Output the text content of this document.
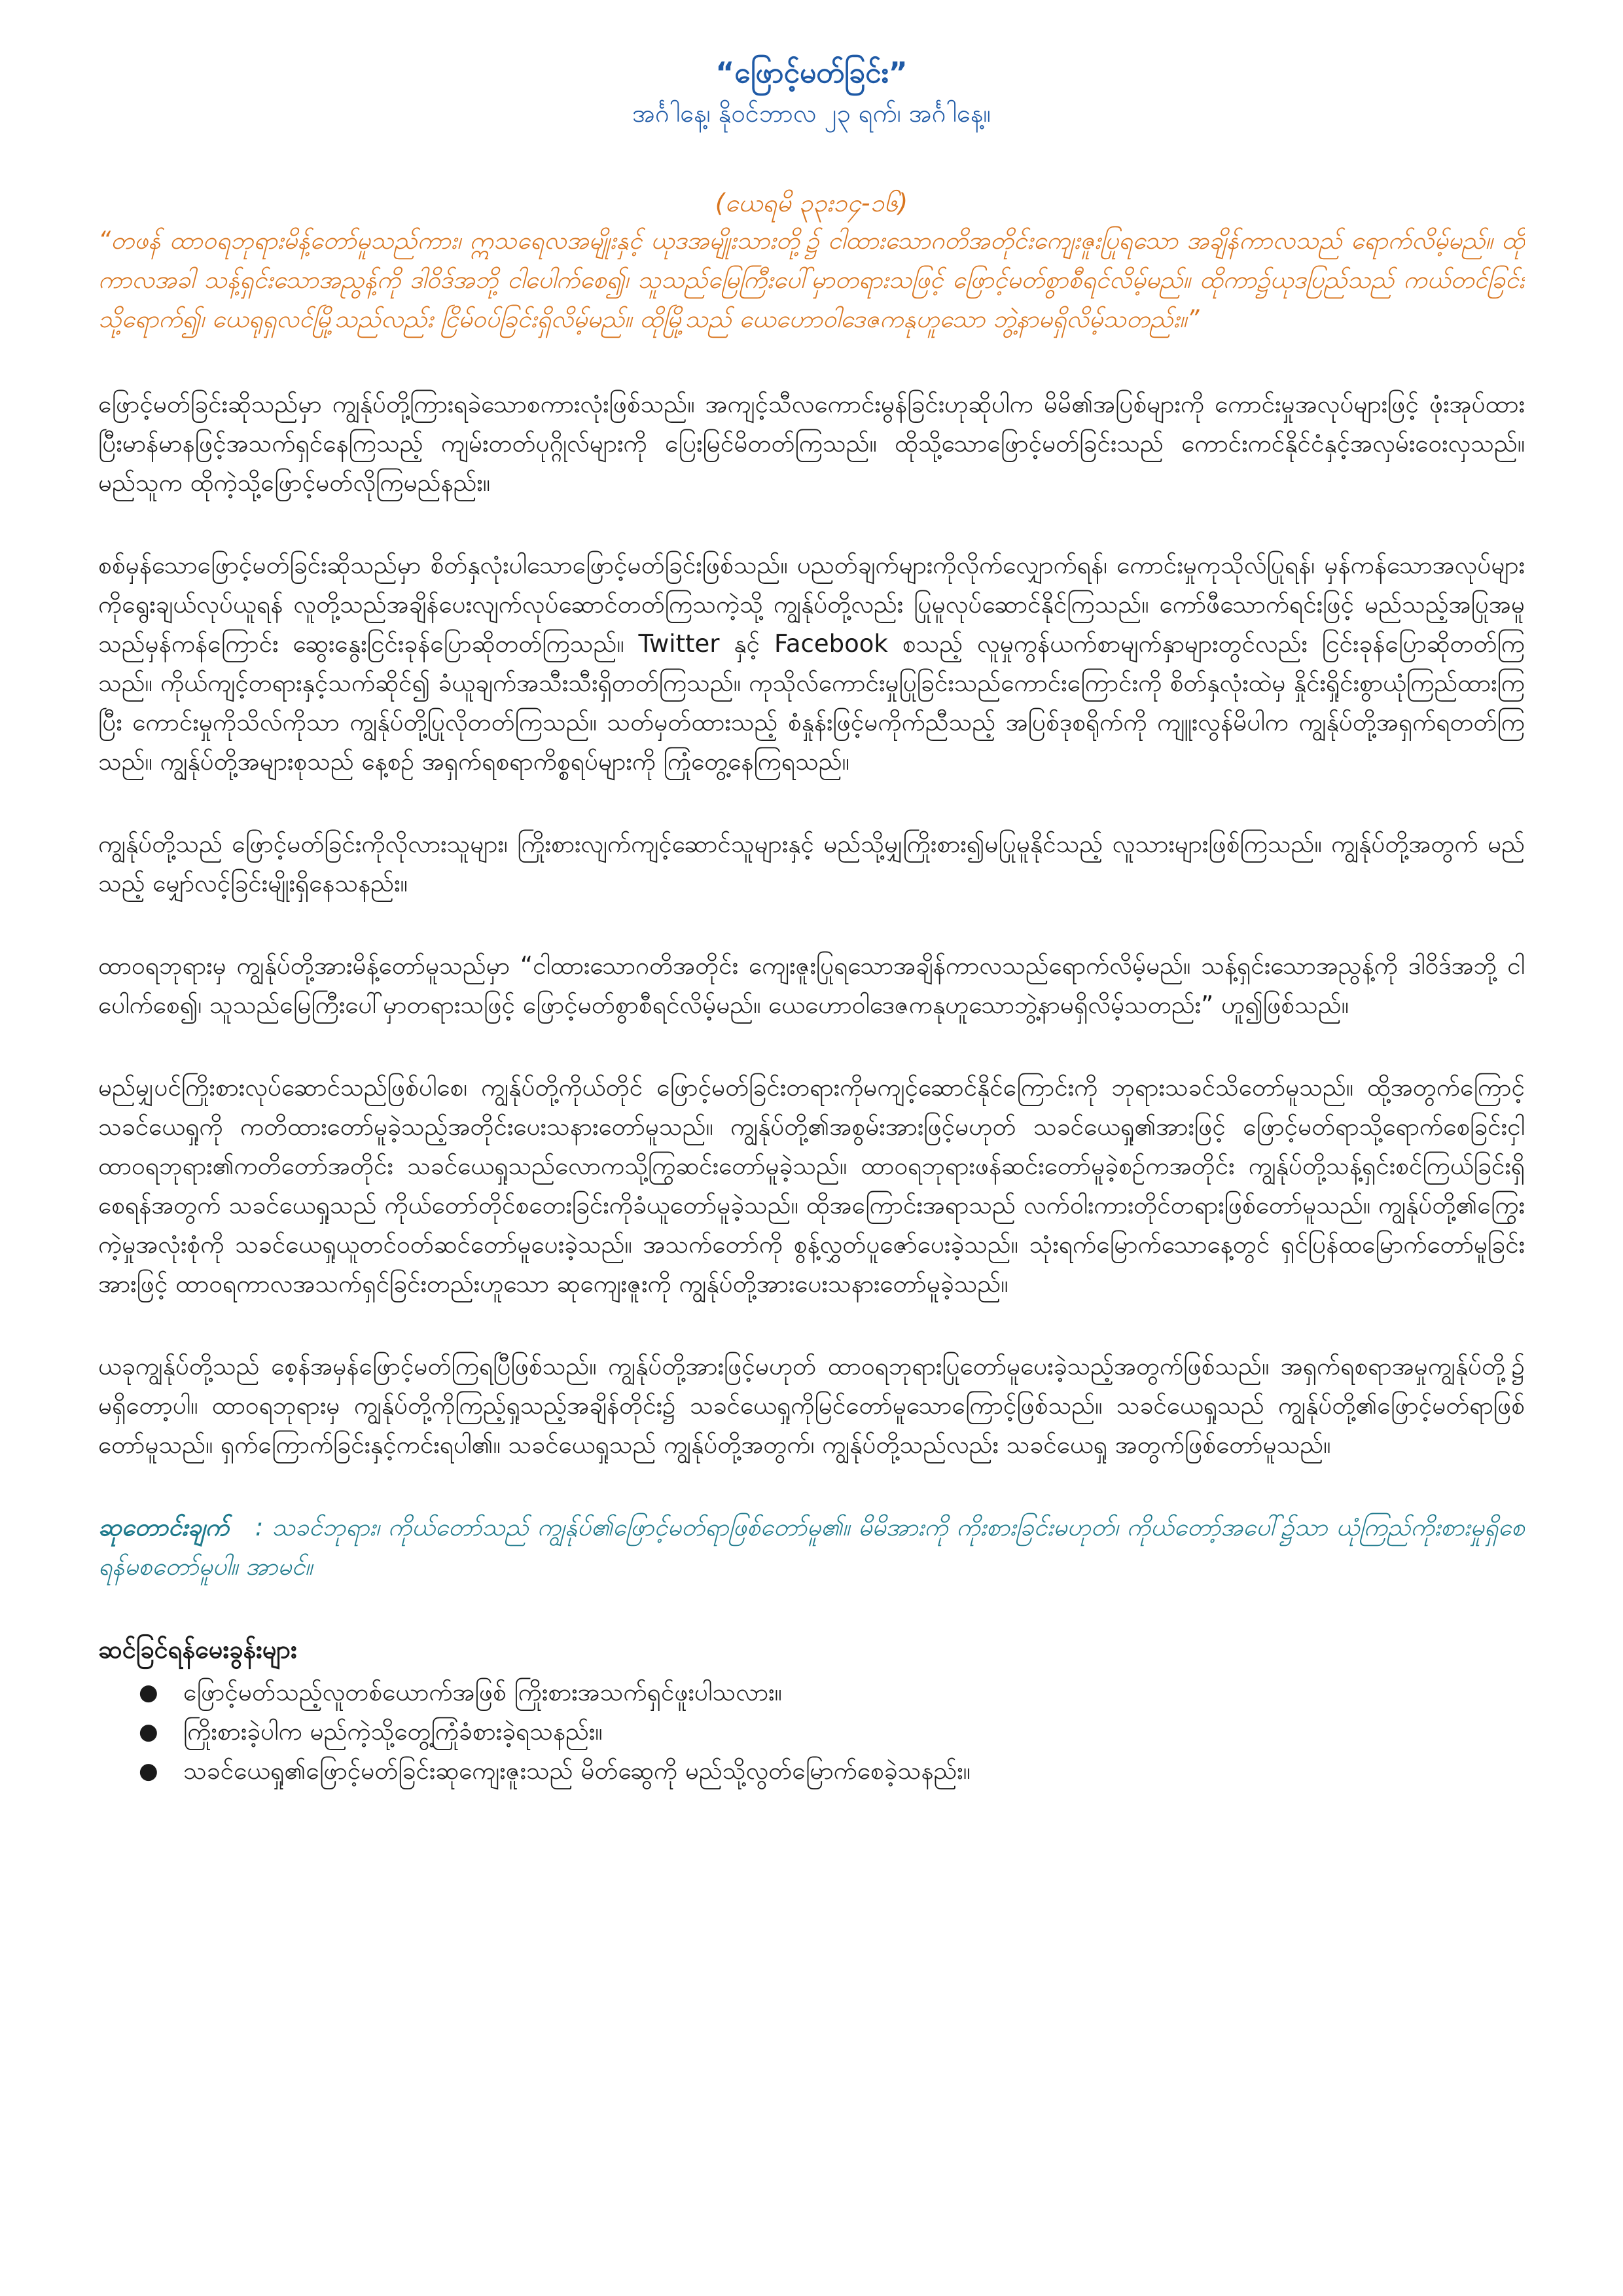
“ဖြောင့်မတ်ခြင်း”

အင်္ဂါနေ့၊ နိုဝင်ဘာလ ၂၃ ရက်၊ အင်္ဂါနေ့။

(ယေရမိ ၃၃း၁၄-၁၆)

“တဖန် ထာဝရဘုရားမိန့်တော်မူသည်ကား၊ ဣသရေလအမျိုးနှင့် ယုဒအမျိုးသားတို့၌ ငါထားသောဂတိအတိုင်းကျေးဇူးပြုရသော အချိန်ကာလသည် ရောက်လိမ့်မည်။ ထိုကာလအခါ သန့်ရှင်းသောအညွန့်ကို ဒါဝိဒ်အဘို့ ငါပေါက်စေ၍၊ သူသည်မြေကြီးပေါ်မှာတရားသဖြင့် ဖြောင့်မတ်စွာစီရင်လိမ့်မည်။ ထိုကာ၌ယုဒပြည်သည် ကယ်တင်ခြင်းသို့ရောက်၍၊ ယေရုရှလင်မြို့သည်လည်း ငြိမ်ဝပ်ခြင်းရှိလိမ့်မည်။ ထိုမြို့သည် ယေဟောဝါဒေဇကနုဟူသော ဘွဲ့နာမရှိလိမ့်သတည်း။”

ဖြောင့်မတ်ခြင်းဆိုသည်မှာ ကျွန်ုပ်တို့ကြားရခဲသောစကားလုံးဖြစ်သည်။ အကျင့်သီလကောင်းမွန်ခြင်းဟုဆိုပါက မိမိ၏အပြစ်များကို ကောင်းမှုအလုပ်များဖြင့် ဖုံးအုပ်ထားပြီးမာန်မာနဖြင့်အသက်ရှင်နေကြသည့် ကျမ်းတတ်ပုဂ္ဂိုလ်များကို ပြေးမြင်မိတတ်ကြသည်။ ထိုသို့သောဖြောင့်မတ်ခြင်းသည် ကောင်းကင်နိုင်ငံနှင့်အလှမ်းဝေးလှသည်။ မည်သူက ထိုကဲ့သို့ဖြောင့်မတ်လိုကြမည်နည်း။

စစ်မှန်သောဖြောင့်မတ်ခြင်းဆိုသည်မှာ စိတ်နှလုံးပါသောဖြောင့်မတ်ခြင်းဖြစ်သည်။ ပညတ်ချက်များကိုလိုက်လျှောက်ရန်၊ ကောင်းမှုကုသိုလ်ပြုရန်၊ မှန်ကန်သောအလုပ်များကိုရွေးချယ်လုပ်ယူရန် လူတို့သည်အချိန်ပေးလျက်လုပ်ဆောင်တတ်ကြသကဲ့သို့ ကျွန်ုပ်တို့လည်း ပြုမူလုပ်ဆောင်နိုင်ကြသည်။ ကော်ဖီသောက်ရင်းဖြင့် မည်သည့်အပြုအမူသည်မှန်ကန်ကြောင်း ဆွေးနွေးငြင်းခုန်ပြောဆိုတတ်ကြသည်။ Twitter နှင့် Facebook စသည့် လူမှုကွန်ယက်စာမျက်နှာများတွင်လည်း ငြင်းခုန်ပြောဆိုတတ်ကြသည်။ ကိုယ်ကျင့်တရားနှင့်သက်ဆိုင်၍ ခံယူချက်အသီးသီးရှိတတ်ကြသည်။ ကုသိုလ်ကောင်းမှုပြုခြင်းသည်ကောင်းကြောင်းကို စိတ်နှလုံးထဲမှ နှိုင်းရှိုင်းစွာယုံကြည်ထားကြပြီး ကောင်းမှုကိုသိလ်ကိုသာ ကျွန်ုပ်တို့ပြုလိုတတ်ကြသည်။ သတ်မှတ်ထားသည့် စံနှုန်းဖြင့်မကိုက်ညီသည့် အပြစ်ဒုစရိုက်ကို ကျူးလွန်မိပါက ကျွန်ုပ်တို့အရှက်ရတတ်ကြသည်။ ကျွန်ုပ်တို့အများစုသည် နေ့စဉ် အရှက်ရစရာကိစ္စရပ်များကို ကြုံတွေ့နေကြရသည်။

ကျွန်ုပ်တို့သည် ဖြောင့်မတ်ခြင်းကိုလိုလားသူများ၊ ကြိုးစားလျက်ကျင့်ဆောင်သူများနှင့် မည်သို့မျှကြိုးစား၍မပြုမူနိုင်သည့် လူသားများဖြစ်ကြသည်။ ကျွန်ုပ်တို့အတွက် မည်သည့် မျှော်လင့်ခြင်းမျိုးရှိနေသနည်း။

ထာဝရဘုရားမှ ကျွန်ုပ်တို့အားမိန့်တော်မူသည်မှာ “ငါထားသောဂတိအတိုင်း ကျေးဇူးပြုရသောအချိန်ကာလသည်ရောက်လိမ့်မည်။ သန့်ရှင်းသောအညွန့်ကို ဒါဝိဒ်အဘို့ ငါပေါက်စေ၍၊ သူသည်မြေကြီးပေါ်မှာတရားသဖြင့် ဖြောင့်မတ်စွာစီရင်လိမ့်မည်။ ယေဟောဝါဒေဇကနုဟူသောဘွဲ့နာမရှိလိမ့်သတည်း” ဟူ၍ဖြစ်သည်။

မည်မျှပင်ကြိုးစားလုပ်ဆောင်သည်ဖြစ်ပါစေ၊ ကျွန်ုပ်တို့ကိုယ်တိုင် ဖြောင့်မတ်ခြင်းတရားကိုမကျင့်ဆောင်နိုင်ကြောင်းကို ဘုရားသခင်သိတော်မူသည်။ ထို့အတွက်ကြောင့် သခင်ယေရှုကို ကတိထားတော်မူခဲ့သည့်အတိုင်းပေးသနားတော်မူသည်။ ကျွန်ုပ်တို့၏အစွမ်းအားဖြင့်မဟုတ် သခင်ယေရှု၏အားဖြင့် ဖြောင့်မတ်ရာသို့ရောက်စေခြင်းငှါ ထာဝရဘုရား၏ကတိတော်အတိုင်း သခင်ယေရှုသည်လောကသို့ကြွဆင်းတော်မူခဲ့သည်။ ထာဝရဘုရားဖန်ဆင်းတော်မူခဲ့စဉ်ကအတိုင်း ကျွန်ုပ်တို့သန့်ရှင်းစင်ကြယ်ခြင်းရှိစေရန်အတွက် သခင်ယေရှုသည် ကိုယ်တော်တိုင်စတေးခြင်းကိုခံယူတော်မူခဲ့သည်။ ထိုအကြောင်းအရာသည် လက်ဝါးကားတိုင်တရားဖြစ်တော်မူသည်။ ကျွန်ုပ်တို့၏ကြွေးကဲ့မှုအလုံးစုံကို သခင်ယေရှုယူတင်ဝတ်ဆင်တော်မူပေးခဲ့သည်။ အသက်တော်ကို စွန့်လွှတ်ပူဇော်ပေးခဲ့သည်။ သုံးရက်မြောက်သောနေ့တွင် ရှင်ပြန်ထမြောက်တော်မူခြင်းအားဖြင့် ထာဝရကာလအသက်ရှင်ခြင်းတည်းဟူသော ဆုကျေးဇူးကို ကျွန်ုပ်တို့အားပေးသနားတော်မူခဲ့သည်။

ယခုကျွန်ုပ်တို့သည် စေ့န်အမှန်ဖြောင့်မတ်ကြရပြီဖြစ်သည်။ ကျွန်ုပ်တို့အားဖြင့်မဟုတ် ထာဝရဘုရားပြုတော်မူပေးခဲ့သည့်အတွက်ဖြစ်သည်။ အရှက်ရစရာအမှုကျွန်ုပ်တို့၌ မရှိတော့ပါ။ ထာဝရဘုရားမှ ကျွန်ုပ်တို့ကိုကြည့်ရှုသည့်အချိန်တိုင်း၌ သခင်ယေရှုကိုမြင်တော်မူသောကြောင့်ဖြစ်သည်။ သခင်ယေရှုသည် ကျွန်ုပ်တို့၏ဖြောင့်မတ်ရာဖြစ်တော်မူသည်။ ရှက်ကြောက်ခြင်းနှင့်ကင်းရပါ၏။ သခင်ယေရှုသည် ကျွန်ုပ်တို့အတွက်၊ ကျွန်ုပ်တို့သည်လည်း သခင်ယေရှု အတွက်ဖြစ်တော်မူသည်။

ဆုတောင်းချက် : သခင်ဘုရား၊ ကိုယ်တော်သည် ကျွန်ုပ်၏ဖြောင့်မတ်ရာဖြစ်တော်မူ၏။ မိမိအားကို ကိုးစားခြင်းမဟုတ်၊ ကိုယ်တော့်အပေါ်၌သာ ယုံကြည်ကိုးစားမှုရှိစေရန်မစတော်မူပါ။ အာမင်။

ဆင်ခြင်ရန်မေးခွန်းများ

● ဖြောင့်မတ်သည့်လူတစ်ယောက်အဖြစ် ကြိုးစားအသက်ရှင်ဖူးပါသလား။
● ကြိုးစားခဲ့ပါက မည်ကဲ့သို့တွေ့ကြုံခံစားခဲ့ရသနည်း။
● သခင်ယေရှု၏ဖြောင့်မတ်ခြင်းဆုကျေးဇူးသည် မိတ်ဆွေကို မည်သို့လွတ်မြောက်စေခဲ့သနည်း။
